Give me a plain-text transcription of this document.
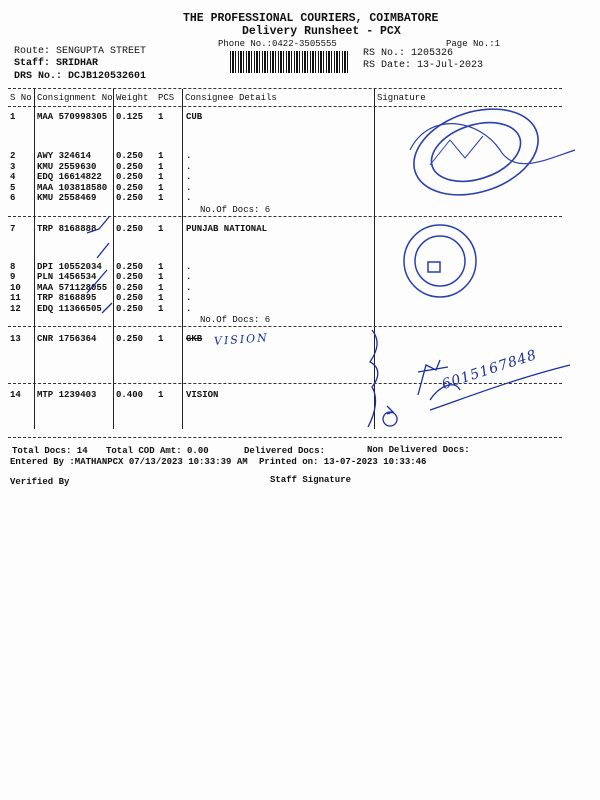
THE PROFESSIONAL COURIERS, COIMBATORE
Delivery Runsheet - PCX
Phone No.:0422-3505555	Page No.:1
Route: SENGUPTA STREET
Staff: SRIDHAR
DRS No.: DCJB120532601
RS No.: 1205326
RS Date: 13-Jul-2023
S No Consignment No Weight PCS Consignee Details	Signature
1 MAA 570998305 0.125 1	CUB
2 AWY 324614	0.250 1	.
3 KMU 2559630 0.250 1	.
4 EDQ 16614822 0.250 1	.
5 MAA 103818580 0.250 1	.
6 KMU 2558469 0.250 1	.
No.Of Docs: 6
7 TRP 8168888 0.250 1	PUNJAB NATIONAL
8 DPI 10552034 0.250 1	.
9 PLN 1456534 0.250 1	.
10 MAA 571128055 0.250 1	.
11 TRP 8168895 0.250 1	.
12 EDQ 11366505 0.250 1	.
No.Of Docs: 6
13 CNR 1756364 0.250 1	GKB
14 MTP 1239403 0.400 1	VISION
Total Docs: 14 Total COD Amt: 0.00	Delivered Docs:	Non Delivered Docs:
Entered By :MATHANPCX 07/13/2023 10:33:39 AM Printed on: 13-07-2023 10:33:46
Verified By	Staff Signature
VISION
6015167848
